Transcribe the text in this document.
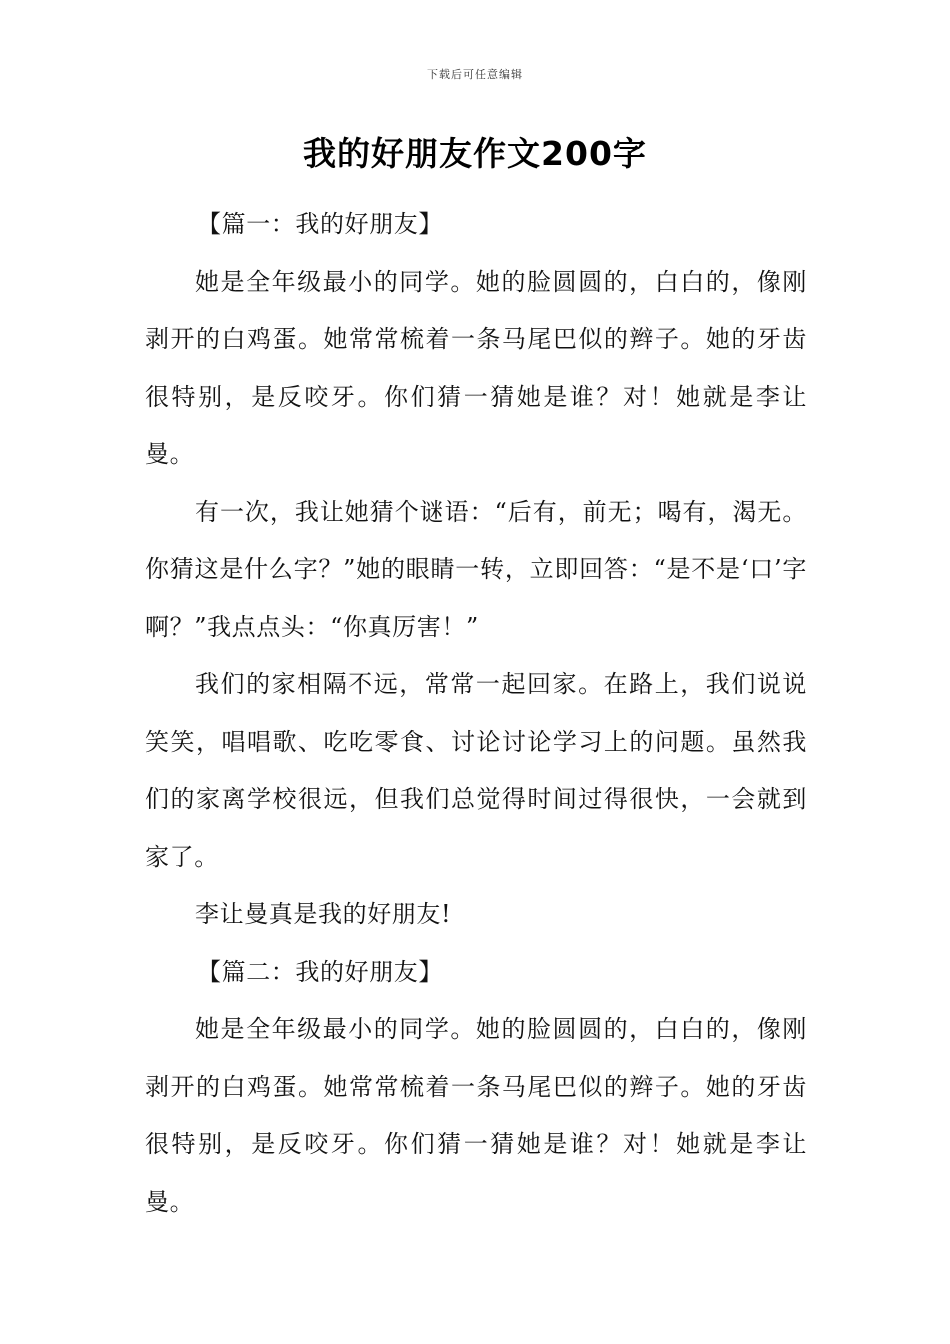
下载后可任意编辑
我的好朋友作文200字

【篇一：我的好朋友】

她是全年级最小的同学。她的脸圆圆的，白白的，像刚剥开的白鸡蛋。她常常梳着一条马尾巴似的辫子。她的牙齿很特别，是反咬牙。你们猜一猜她是谁？对！她就是李让曼。

有一次，我让她猜个谜语：“后有，前无；喝有，渴无。你猜这是什么字？”她的眼睛一转，立即回答：“是不是‘口’字啊？”我点点头：“你真厉害！”

我们的家相隔不远，常常一起回家。在路上，我们说说笑笑，唱唱歌、吃吃零食、讨论讨论学习上的问题。虽然我们的家离学校很远，但我们总觉得时间过得很快，一会就到家了。

李让曼真是我的好朋友!

【篇二：我的好朋友】

她是全年级最小的同学。她的脸圆圆的，白白的，像刚剥开的白鸡蛋。她常常梳着一条马尾巴似的辫子。她的牙齿很特别，是反咬牙。你们猜一猜她是谁？对！她就是李让曼。
